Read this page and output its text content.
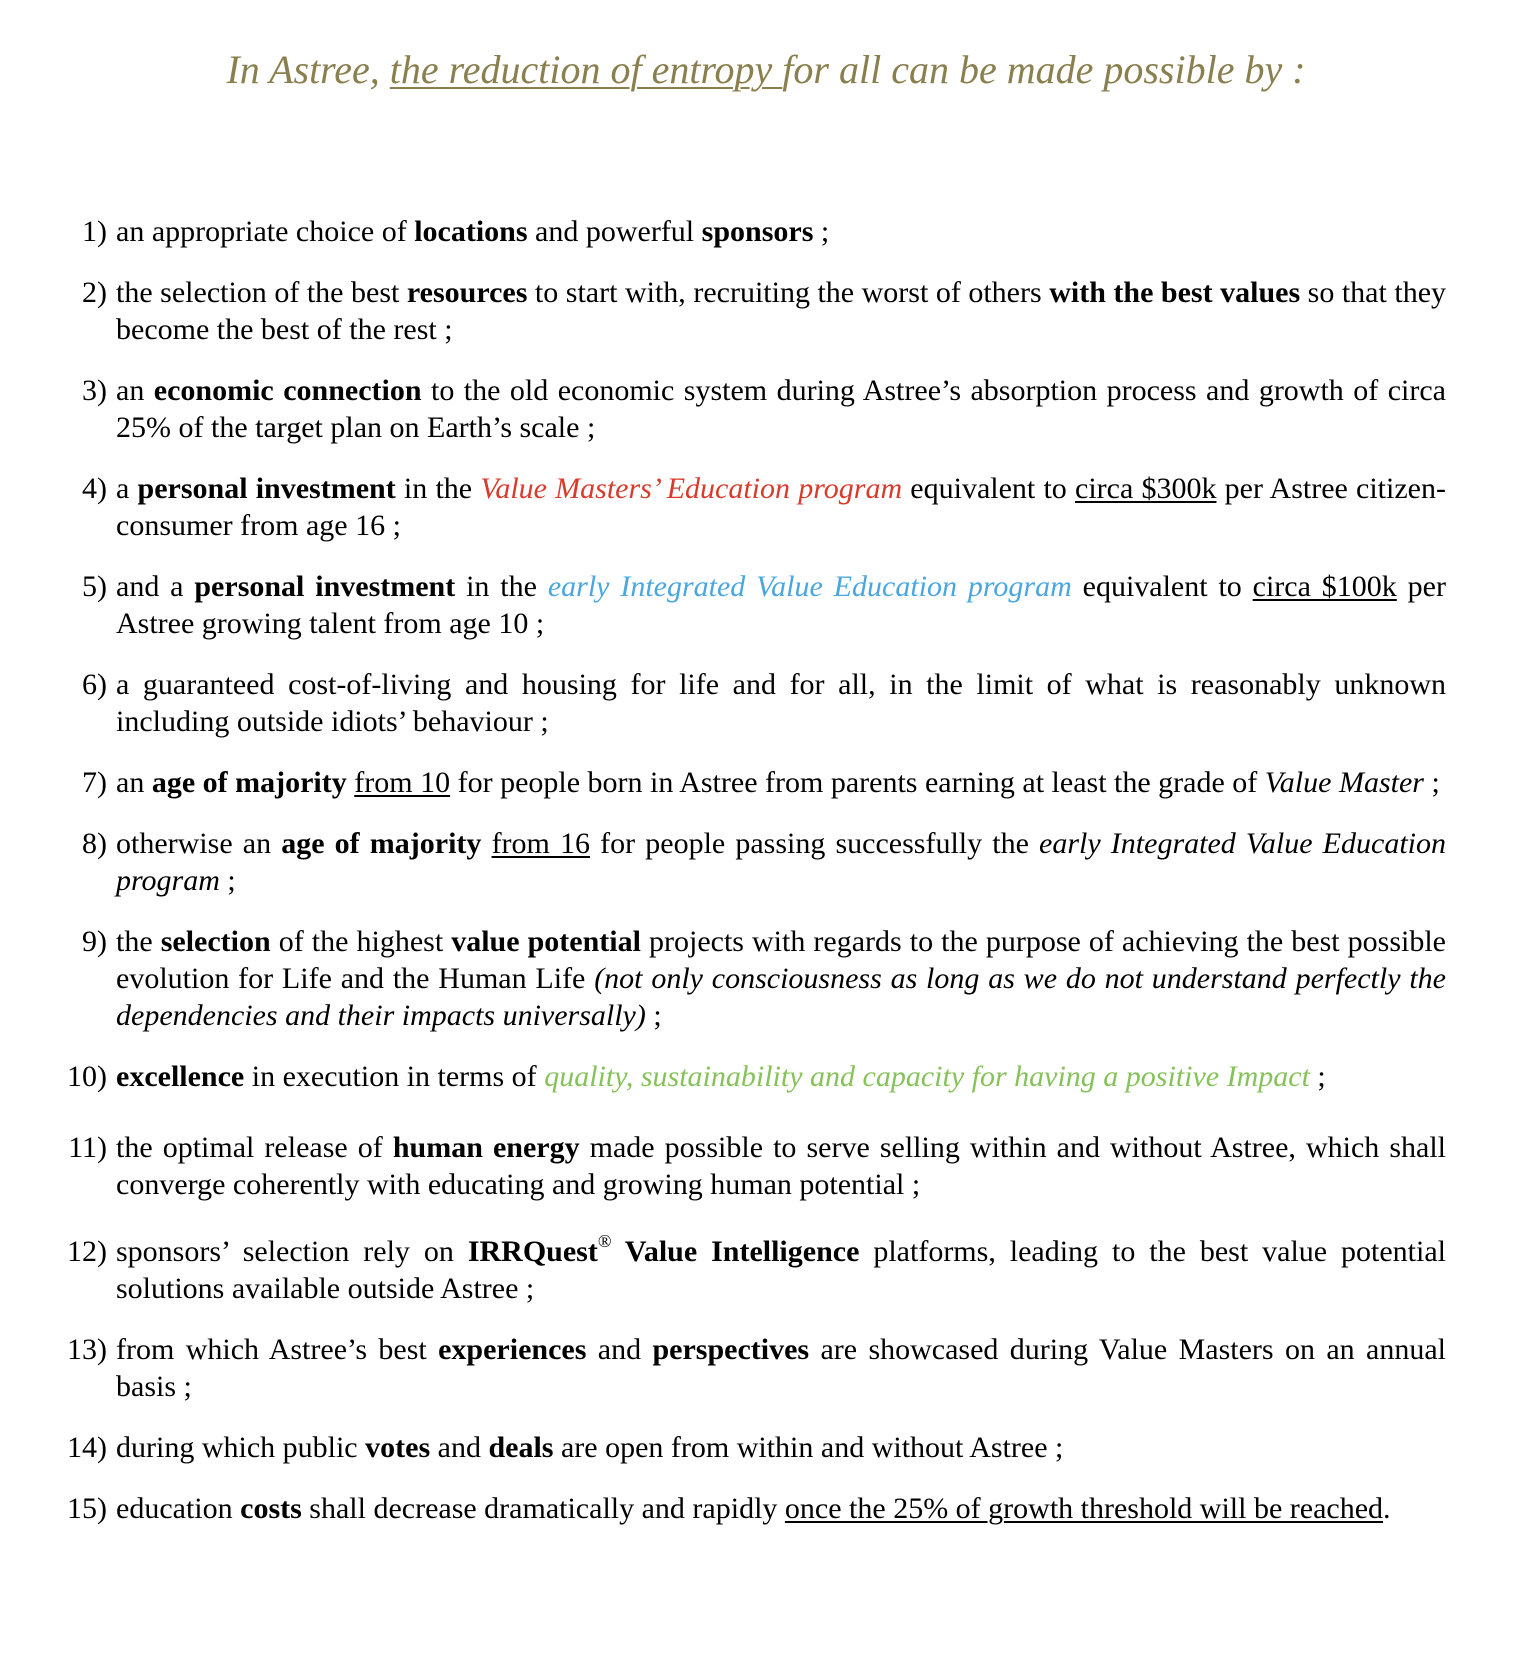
In Astree, the reduction of entropy for all can be made possible by :
1) an appropriate choice of locations and powerful sponsors ;
2) the selection of the best resources to start with, recruiting the worst of others with the best values so that they become the best of the rest ;
3) an economic connection to the old economic system during Astree’s absorption process and growth of circa 25% of the target plan on Earth’s scale ;
4) a personal investment in the Value Masters’ Education program equivalent to circa $300k per Astree citizen-consumer from age 16 ;
5) and a personal investment in the early Integrated Value Education program equivalent to circa $100k per Astree growing talent from age 10 ;
6) a guaranteed cost-of-living and housing for life and for all, in the limit of what is reasonably unknown including outside idiots’ behaviour ;
7) an age of majority from 10 for people born in Astree from parents earning at least the grade of Value Master ;
8) otherwise an age of majority from 16 for people passing successfully the early Integrated Value Education program ;
9) the selection of the highest value potential projects with regards to the purpose of achieving the best possible evolution for Life and the Human Life (not only consciousness as long as we do not understand perfectly the dependencies and their impacts universally) ;
10) excellence in execution in terms of quality, sustainability and capacity for having a positive Impact ;
11) the optimal release of human energy made possible to serve selling within and without Astree, which shall converge coherently with educating and growing human potential ;
12) sponsors’ selection rely on IRRQuest® Value Intelligence platforms, leading to the best value potential solutions available outside Astree ;
13) from which Astree’s best experiences and perspectives are showcased during Value Masters on an annual basis ;
14) during which public votes and deals are open from within and without Astree ;
15) education costs shall decrease dramatically and rapidly once the 25% of growth threshold will be reached.
